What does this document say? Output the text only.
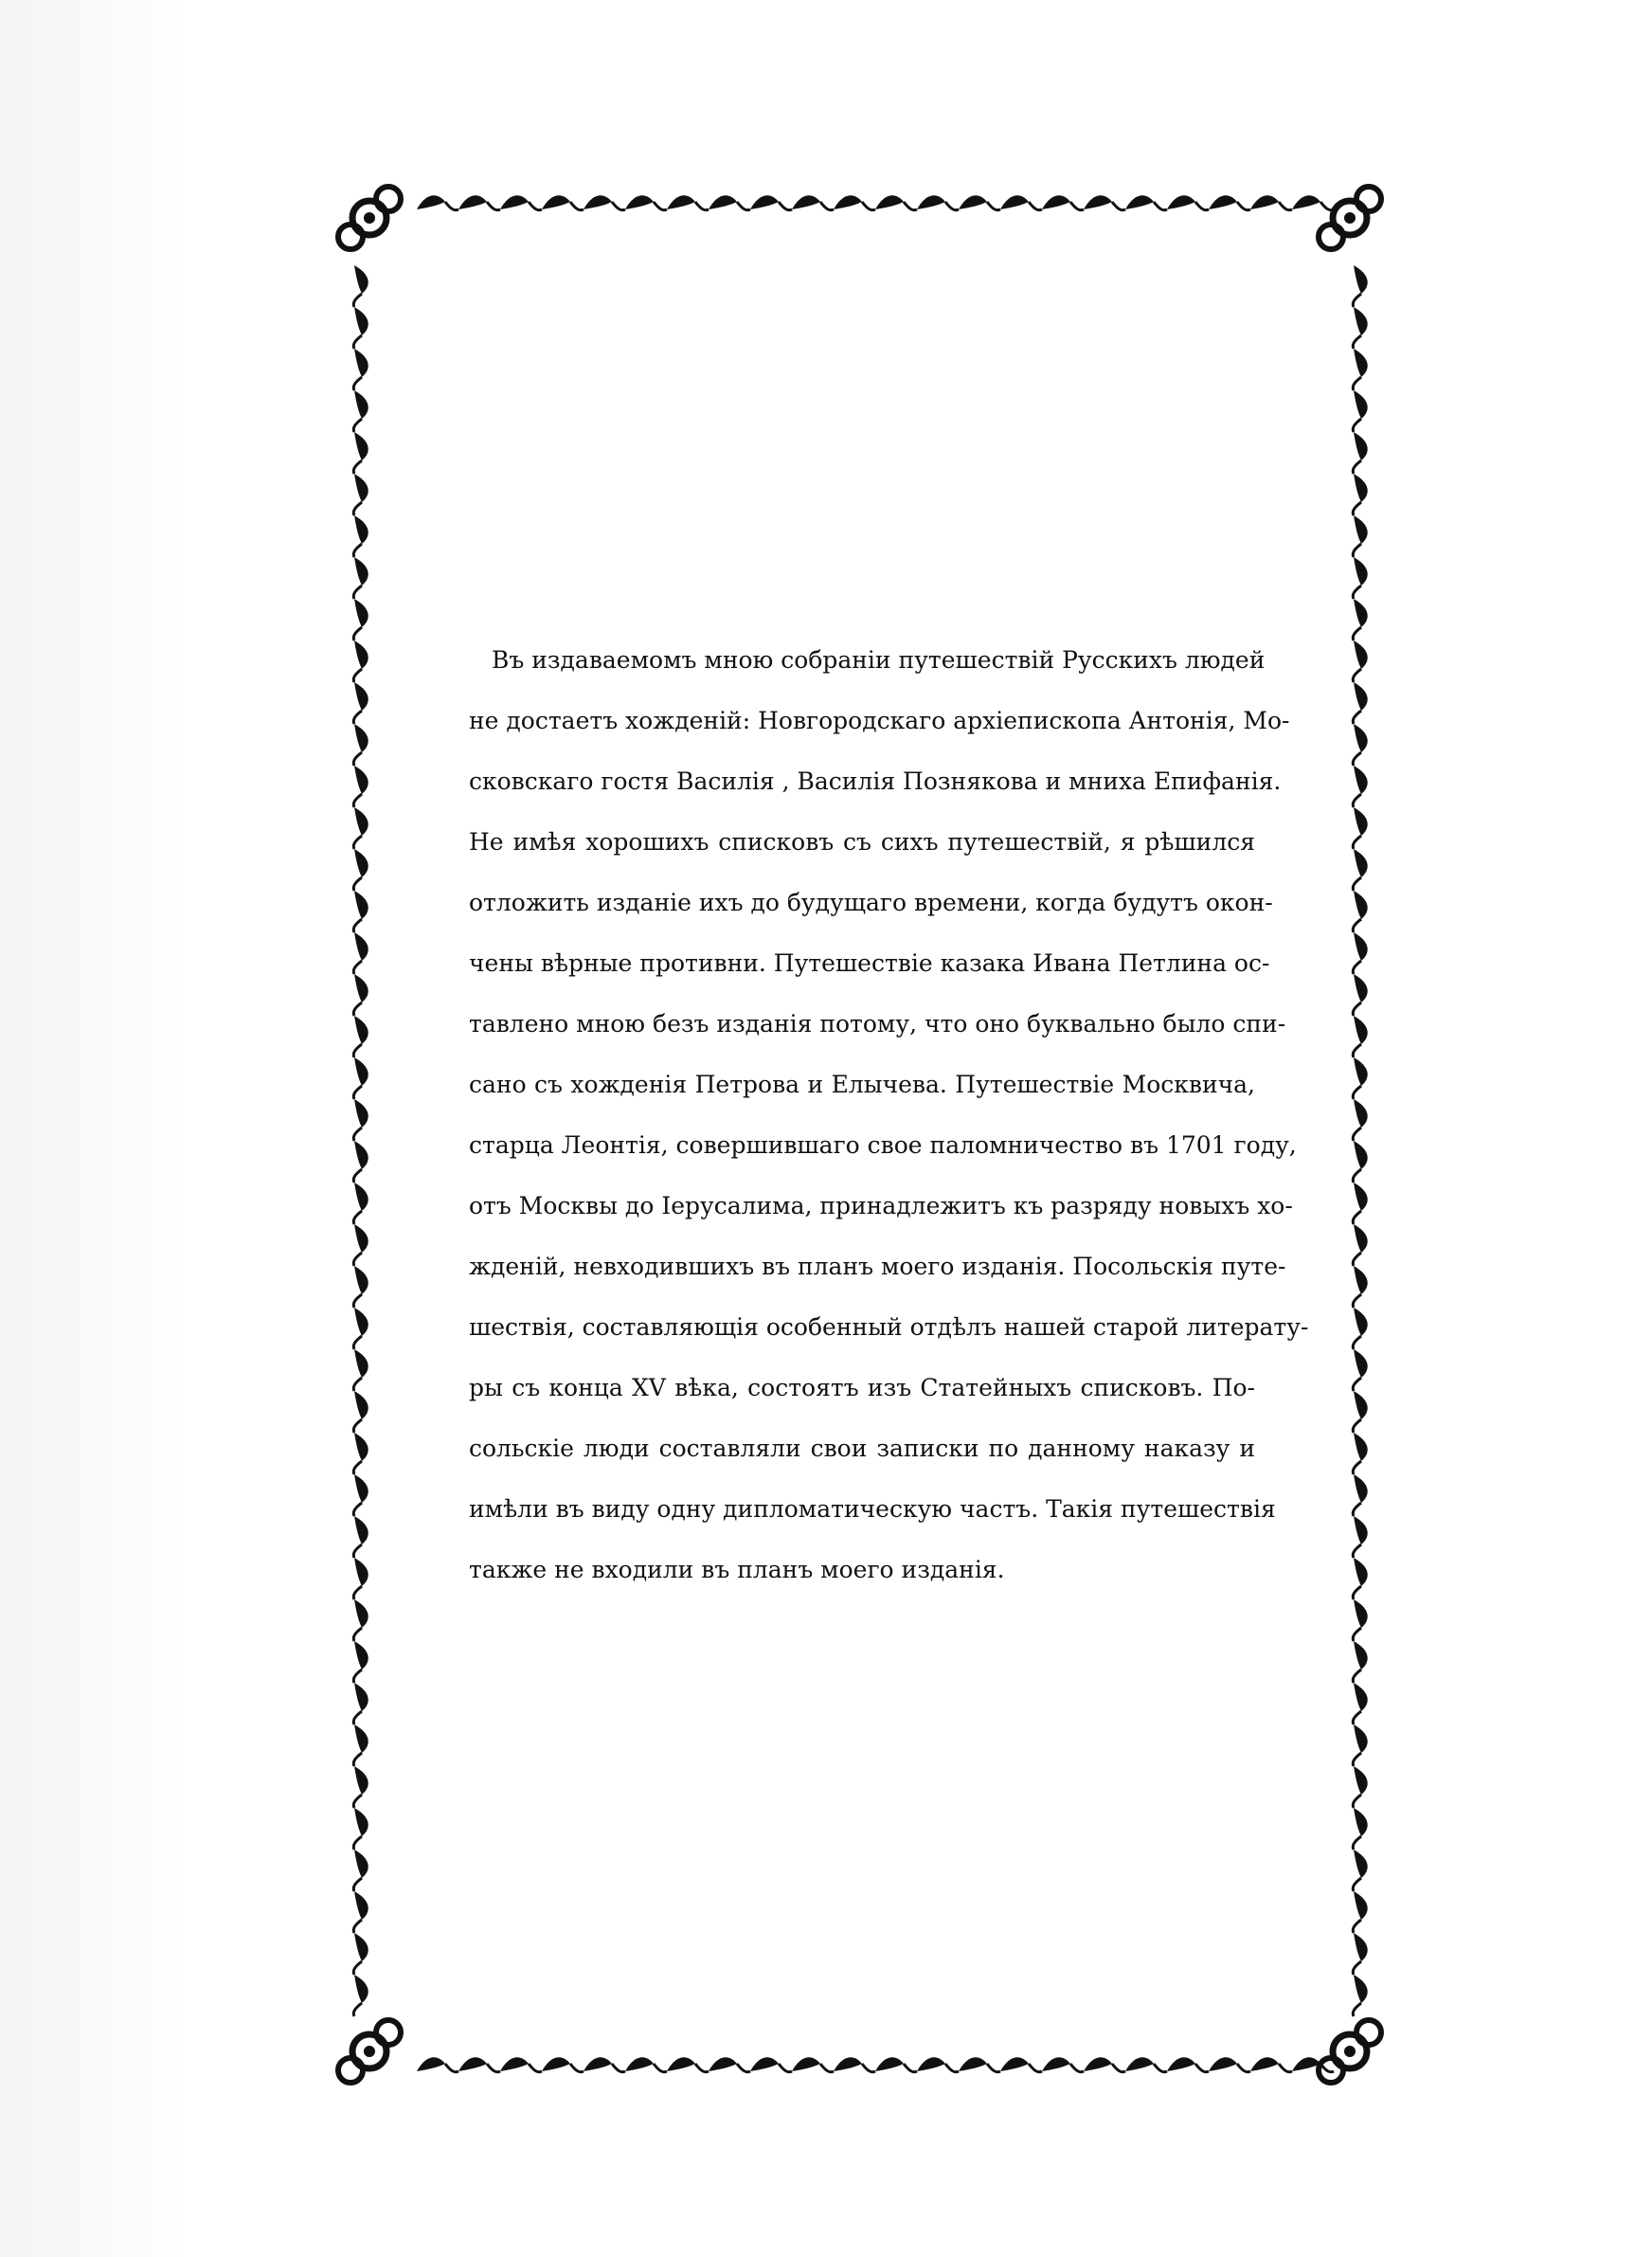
Въ издаваемомъ мною собраніи путешествій Русскихъ людей
не достаетъ хожденій: Новгородскаго архіепископа Антонія, Мо-
сковскаго гостя Василія , Василія Познякова и мниха Епифанія.
Не имѣя хорошихъ списковъ съ сихъ путешествій, я рѣшился
отложить изданіе ихъ до будущаго времени, когда будутъ окон-
чены вѣрные противни. Путешествіе казака Ивана Петлина ос-
тавлено мною безъ изданія потому, что оно буквально было спи-
сано съ хожденія Петрова и Елычева. Путешествіе Москвича,
старца Леонтія, совершившаго свое паломничество въ 1701 году,
отъ Москвы до Іерусалима, принадлежитъ къ разряду новыхъ хо-
жденій, невходившихъ въ планъ моего изданія. Посольскія путе-
шествія, составляющія особенный отдѣлъ нашей старой литерату-
ры съ конца XV вѣка, состоятъ изъ Статейныхъ списковъ. По-
сольскіе люди составляли свои записки по данному наказу и
имѣли въ виду одну дипломатическую частъ. Такія путешествія
также не входили въ планъ моего изданія.
